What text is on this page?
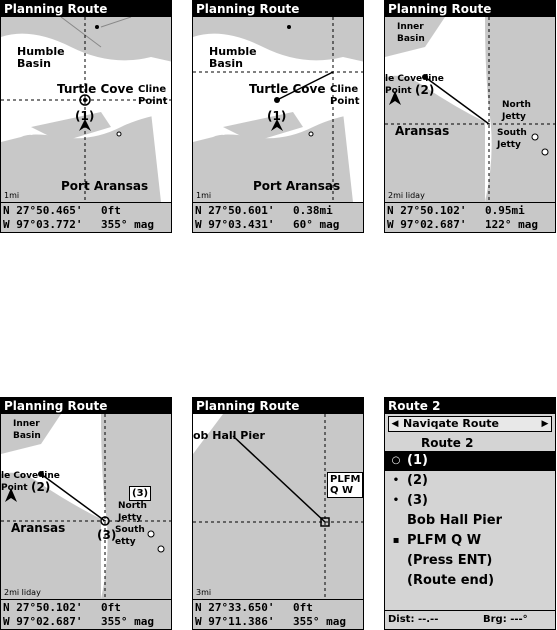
Planning Route
Humble
Basin
Turtle Cove Cline
Point
(1)
Port Aransas
1mi
N 27°50.465' 0ft
W 97°03.772' 355° mag
Planning Route
Humble
Basin
Turtle Cove Cline
Point
(1)
Port Aransas
1mi
N 27°50.601' 0.38mi
W 97°03.431' 60° mag
Planning Route
Inner
Basin
le Cove line
Point (2)
North
Jetty
South
Jetty
Aransas
2mi liday
N 27°50.102' 0.95mi
W 97°02.687' 122° mag
Planning Route
Inner
Basin
le Cove line
Point (2)	(3)
North
Jetty
(3)
South
etty
Aransas
2mi liday
N 27°50.102' 0ft
W 97°02.687' 355° mag
Planning Route
ob Hall Pier
PLFM
Q W
3mi
N 27°33.650' 0ft
W 97°11.386' 355° mag
Route 2
◀ Naviqate Route	▶
Route 2
○ (1)
• (2)
• (3)
Bob Hall Pier
▪ PLFM Q W
(Press ENT)
(Route end)
Dist: --.--	Brg: ---°
